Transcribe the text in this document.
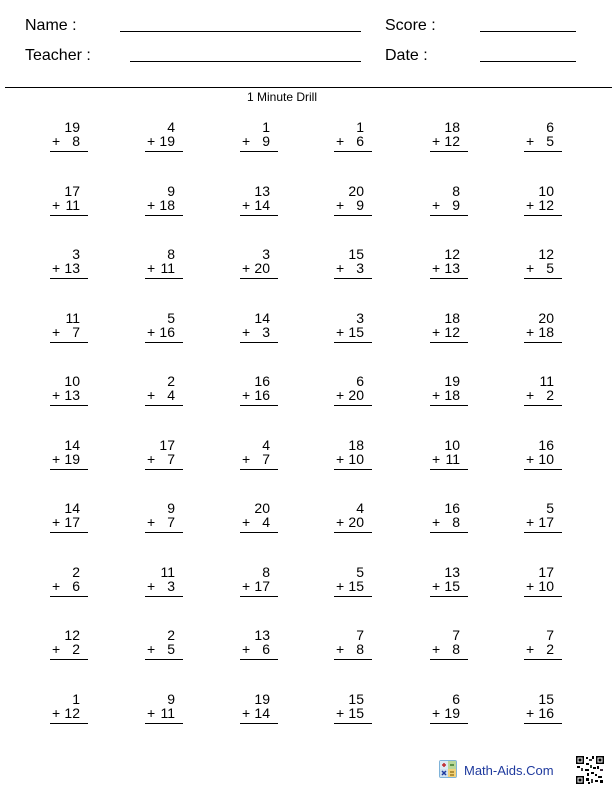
Name :	Score :
Teacher :	Date :
1 Minute Drill
19
+ 8
4
+ 19
1
+ 9
1
+ 6
18
+ 12
6
+ 5
17
+ 11
9
+ 18
13
+ 14
20
+ 9
8
+ 9
10
+ 12
3
+ 13
8
+ 11
3
+ 20
15
+ 3
12
+ 13
12
+ 5
11
+ 7
5
+ 16
14
+ 3
3
+ 15
18
+ 12
20
+ 18
10
+ 13
2
+ 4
16
+ 16
6
+ 20
19
+ 18
11
+ 2
14
+ 19
17
+ 7
4
+ 7
18
+ 10
10
+ 11
16
+ 10
14
+ 17
9
+ 7
20
+ 4
4
+ 20
16
+ 8
5
+ 17
2
+ 6
11
+ 3
8
+ 17
5
+ 15
13
+ 15
17
+ 10
12
+ 2
2
+ 5
13
+ 6
7
+ 8
7
+ 8
7
+ 2
1
+ 12
9
+ 11
19
+ 14
15
+ 15
6
+ 19
15
+ 16
Math-Aids.Com
